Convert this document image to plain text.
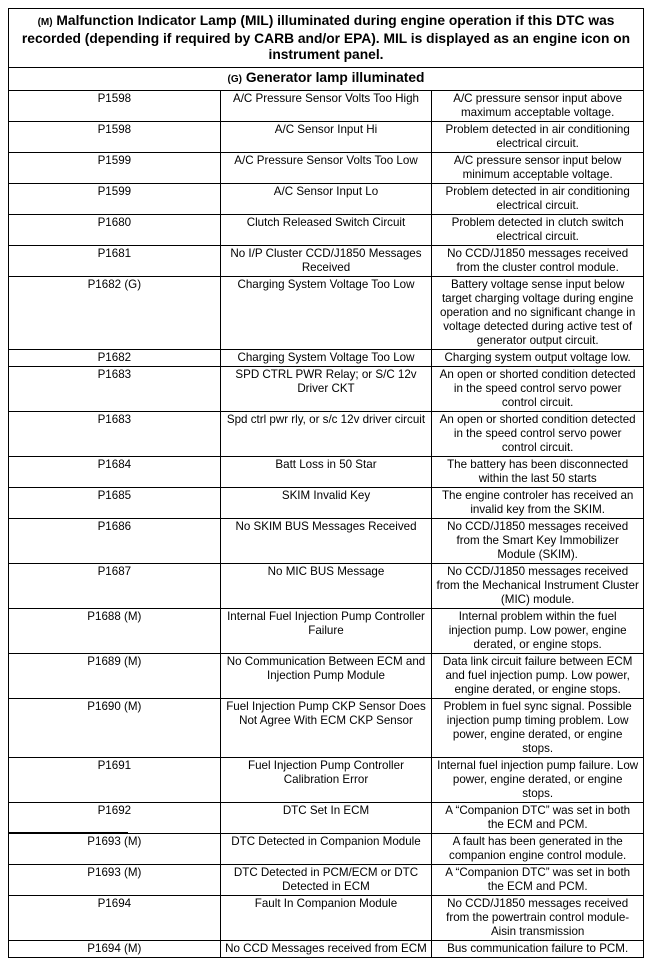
(M) Malfunction Indicator Lamp (MIL) illuminated during engine operation if this DTC was recorded (depending if required by CARB and/or EPA). MIL is displayed as an engine icon on instrument panel.		
(G) Generator lamp illuminated		
P1598	A/C Pressure Sensor Volts Too High	A/C pressure sensor input above maximum acceptable voltage.
P1598	A/C Sensor Input Hi	Problem detected in air conditioning electrical circuit.
P1599	A/C Pressure Sensor Volts Too Low	A/C pressure sensor input below minimum acceptable voltage.
P1599	A/C Sensor Input Lo	Problem detected in air conditioning electrical circuit.
P1680	Clutch Released Switch Circuit	Problem detected in clutch switch electrical circuit.
P1681	No I/P Cluster CCD/J1850 Messages Received	No CCD/J1850 messages received from the cluster control module.
P1682 (G)	Charging System Voltage Too Low	Battery voltage sense input below target charging voltage during engine operation and no significant change in voltage detected during active test of generator output circuit.
P1682	Charging System Voltage Too Low	Charging system output voltage low.
P1683	SPD CTRL PWR Relay; or S/C 12v Driver CKT	An open or shorted condition detected in the speed control servo power control circuit.
P1683	Spd ctrl pwr rly, or s/c 12v driver circuit	An open or shorted condition detected in the speed control servo power control circuit.
P1684	Batt Loss in 50 Star	The battery has been disconnected within the last 50 starts
P1685	SKIM Invalid Key	The engine controler has received an invalid key from the SKIM.
P1686	No SKIM BUS Messages Received	No CCD/J1850 messages received from the Smart Key Immobilizer Module (SKIM).
P1687	No MIC BUS Message	No CCD/J1850 messages received from the Mechanical Instrument Cluster (MIC) module.
P1688 (M)	Internal Fuel Injection Pump Controller Failure	Internal problem within the fuel injection pump. Low power, engine derated, or engine stops.
P1689 (M)	No Communication Between ECM and Injection Pump Module	Data link circuit failure between ECM and fuel injection pump. Low power, engine derated, or engine stops.
P1690 (M)	Fuel Injection Pump CKP Sensor Does Not Agree With ECM CKP Sensor	Problem in fuel sync signal. Possible injection pump timing problem. Low power, engine derated, or engine stops.
P1691	Fuel Injection Pump Controller Calibration Error	Internal fuel injection pump failure. Low power, engine derated, or engine stops.
P1692	DTC Set In ECM	A “Companion DTC” was set in both the ECM and PCM.
P1693 (M)	DTC Detected in Companion Module	A fault has been generated in the companion engine control module.
P1693 (M)	DTC Detected in PCM/ECM or DTC Detected in ECM	A “Companion DTC” was set in both the ECM and PCM.
P1694	Fault In Companion Module	No CCD/J1850 messages received from the powertrain control module-Aisin transmission
P1694 (M)	No CCD Messages received from ECM	Bus communication failure to PCM.
